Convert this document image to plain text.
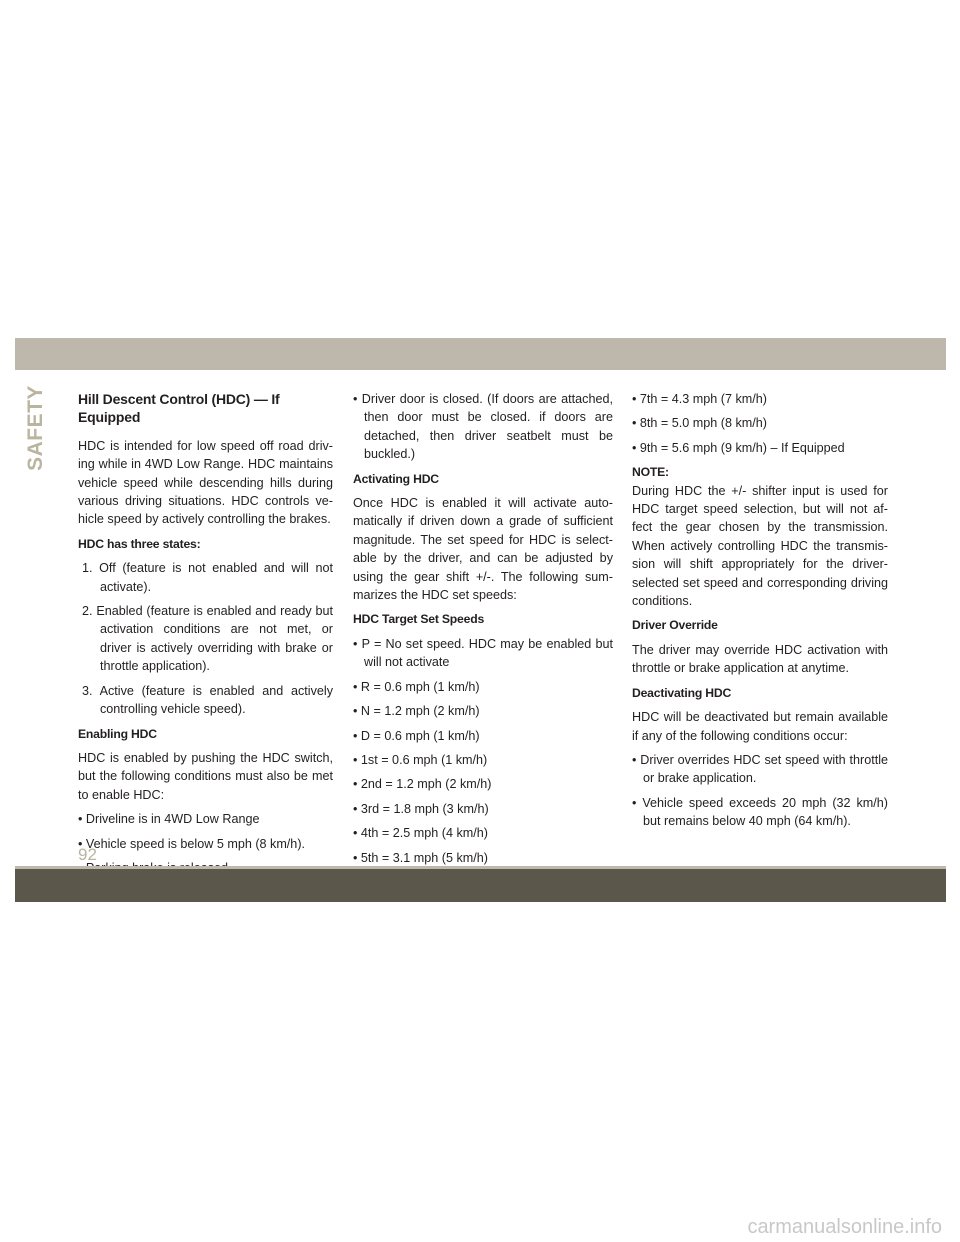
SAFETY Hill Descent Control (HDC) — If Equipped

HDC is intended for low speed off road driv-ing while in 4WD Low Range. HDC maintains vehicle speed while descending hills during various driving situations. HDC controls ve-hicle speed by actively controlling the brakes.

HDC has three states:
1. Off (feature is not enabled and will not activate).
2. Enabled (feature is enabled and ready but activation conditions are not met, or driver is actively overriding with brake or throttle application).
3. Active (feature is enabled and actively controlling vehicle speed).
Enabling HDC

HDC is enabled by pushing the HDC switch, but the following conditions must also be met to enable HDC:

• Driveline is in 4WD Low Range
• Vehicle speed is below 5 mph (8 km/h).
• Driver door is closed. (If doors are attached, then door must be closed. if doors are detached, then driver seatbelt must be buckled.)
Activating HDC

Once HDC is enabled it will activate auto-matically if driven down a grade of sufficient magnitude. The set speed for HDC is select-able by the driver, and can be adjusted by using the gear shift +/-. The following sum-marizes the HDC set speeds:

HDC Target Set Speeds
• P = No set speed. HDC may be enabled but will not activate
• R = 0.6 mph (1 km/h)
• N = 1.2 mph (2 km/h)
• D = 0.6 mph (1 km/h)
• 1st = 0.6 mph (1 km/h)
• 2nd = 1.2 mph (2 km/h)
• 3rd = 1.8 mph (3 km/h)
• 4th = 2.5 mph (4 km/h)
• 5th = 3.1 mph (5 km/h)
• 7th = 4.3 mph (7 km/h)
• 8th = 5.0 mph (8 km/h)
• 9th = 5.6 mph (9 km/h) – If Equipped
NOTE:

During HDC the +/- shifter input is used for HDC target speed selection, but will not af-fect the gear chosen by the transmission. When actively controlling HDC the transmis-sion will shift appropriately for the driver-selected set speed and corresponding driving conditions.

Driver Override

The driver may override HDC activation with throttle or brake application at anytime.

Deactivating HDC

HDC will be deactivated but remain available if any of the following conditions occur:

• Driver overrides HDC set speed with throttle or brake application.
• Vehicle speed exceeds 20 mph (32 km/h) but remains below 40 mph (64 km/h).
92
carmanualsonline.info
